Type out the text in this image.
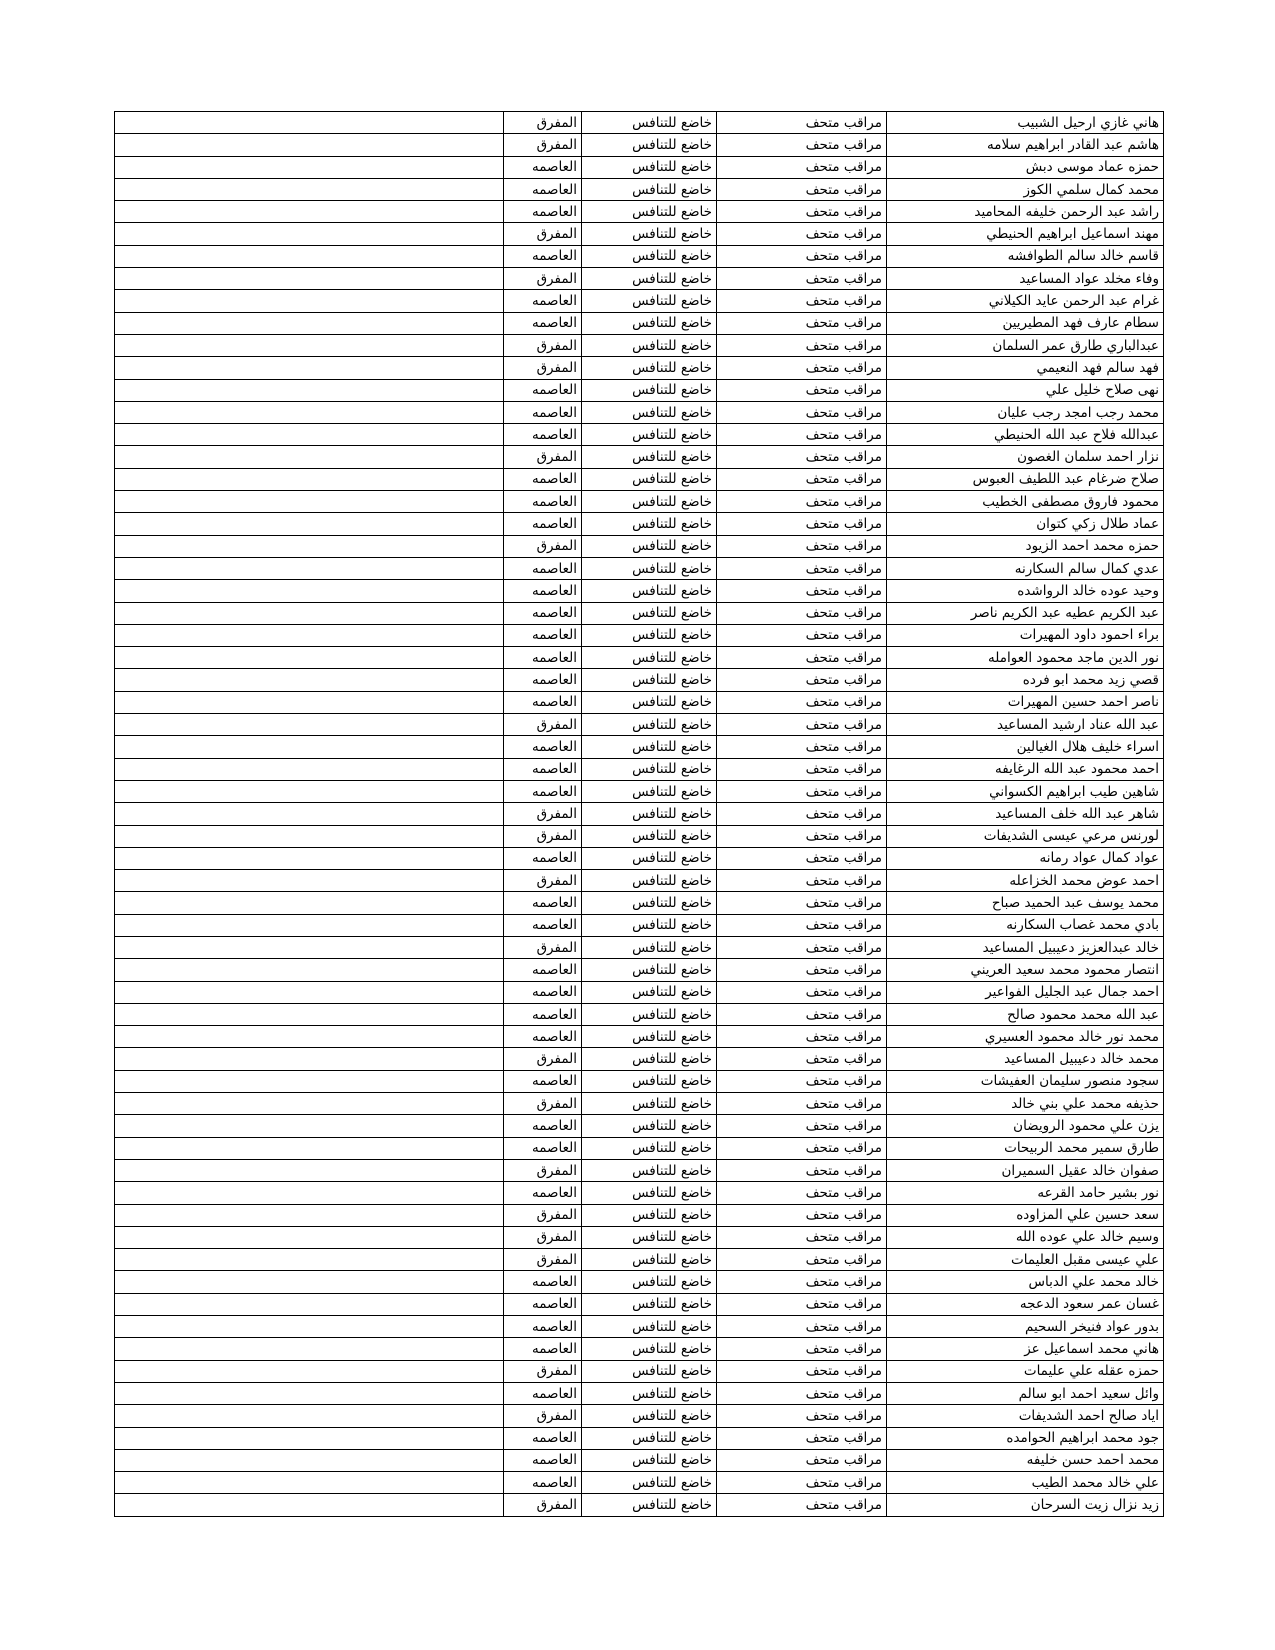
هاني غازي ارحيل الشبيب	مراقب متحف	خاضع للتنافس	المفرق	
هاشم عبد القادر ابراهيم سلامه	مراقب متحف	خاضع للتنافس	المفرق	
حمزه عماد موسى دبش	مراقب متحف	خاضع للتنافس	العاصمه	
محمد كمال سلمي الكوز	مراقب متحف	خاضع للتنافس	العاصمه	
راشد عبد الرحمن خليفه المحاميد	مراقب متحف	خاضع للتنافس	العاصمه	
مهند اسماعيل ابراهيم الحنيطي	مراقب متحف	خاضع للتنافس	المفرق	
قاسم خالد سالم الطوافشه	مراقب متحف	خاضع للتنافس	العاصمه	
وفاء مخلد عواد المساعيد	مراقب متحف	خاضع للتنافس	المفرق	
غرام عبد الرحمن عايد الكيلاني	مراقب متحف	خاضع للتنافس	العاصمه	
سطام عارف فهد المطيريين	مراقب متحف	خاضع للتنافس	العاصمه	
عبدالباري طارق عمر السلمان	مراقب متحف	خاضع للتنافس	المفرق	
فهد سالم فهد النعيمي	مراقب متحف	خاضع للتنافس	المفرق	
نهى صلاح خليل علي	مراقب متحف	خاضع للتنافس	العاصمه	
محمد رجب امجد رجب عليان	مراقب متحف	خاضع للتنافس	العاصمه	
عبدالله فلاح عبد الله الحنيطي	مراقب متحف	خاضع للتنافس	العاصمه	
نزار احمد سلمان الغصون	مراقب متحف	خاضع للتنافس	المفرق	
صلاح ضرغام عبد اللطيف العبوس	مراقب متحف	خاضع للتنافس	العاصمه	
محمود فاروق مصطفى الخطيب	مراقب متحف	خاضع للتنافس	العاصمه	
عماد طلال زكي كتوان	مراقب متحف	خاضع للتنافس	العاصمه	
حمزه محمد احمد الزيود	مراقب متحف	خاضع للتنافس	المفرق	
عدي كمال سالم السكارنه	مراقب متحف	خاضع للتنافس	العاصمه	
وحيد عوده خالد الرواشده	مراقب متحف	خاضع للتنافس	العاصمه	
عبد الكريم عطيه عبد الكريم ناصر	مراقب متحف	خاضع للتنافس	العاصمه	
براء احمود داود المهيرات	مراقب متحف	خاضع للتنافس	العاصمه	
نور الدين ماجد محمود العوامله	مراقب متحف	خاضع للتنافس	العاصمه	
قصي زيد محمد ابو فرده	مراقب متحف	خاضع للتنافس	العاصمه	
ناصر احمد حسين المهيرات	مراقب متحف	خاضع للتنافس	العاصمه	
عبد الله عناد ارشيد المساعيد	مراقب متحف	خاضع للتنافس	المفرق	
اسراء خليف هلال الغيالين	مراقب متحف	خاضع للتنافس	العاصمه	
احمد محمود عبد الله الرغايفه	مراقب متحف	خاضع للتنافس	العاصمه	
شاهين طيب ابراهيم الكسواني	مراقب متحف	خاضع للتنافس	العاصمه	
شاهر عبد الله خلف المساعيد	مراقب متحف	خاضع للتنافس	المفرق	
لورنس مرعي عيسى الشديفات	مراقب متحف	خاضع للتنافس	المفرق	
عواد كمال عواد رمانه	مراقب متحف	خاضع للتنافس	العاصمه	
احمد عوض محمد الخزاعله	مراقب متحف	خاضع للتنافس	المفرق	
محمد يوسف عبد الحميد صباح	مراقب متحف	خاضع للتنافس	العاصمه	
بادي محمد غصاب السكارنه	مراقب متحف	خاضع للتنافس	العاصمه	
خالد عبدالعزيز دعيبيل المساعيد	مراقب متحف	خاضع للتنافس	المفرق	
انتصار محمود محمد سعيد العريني	مراقب متحف	خاضع للتنافس	العاصمه	
احمد جمال عبد الجليل الفواعير	مراقب متحف	خاضع للتنافس	العاصمه	
عبد الله محمد محمود صالح	مراقب متحف	خاضع للتنافس	العاصمه	
محمد نور خالد محمود العسيري	مراقب متحف	خاضع للتنافس	العاصمه	
محمد خالد دعيبيل المساعيد	مراقب متحف	خاضع للتنافس	المفرق	
سجود منصور سليمان العفيشات	مراقب متحف	خاضع للتنافس	العاصمه	
حذيفه محمد علي بني خالد	مراقب متحف	خاضع للتنافس	المفرق	
يزن علي محمود الرويضان	مراقب متحف	خاضع للتنافس	العاصمه	
طارق سمير محمد الربيحات	مراقب متحف	خاضع للتنافس	العاصمه	
صفوان خالد عقيل السميران	مراقب متحف	خاضع للتنافس	المفرق	
نور بشير حامد القرعه	مراقب متحف	خاضع للتنافس	العاصمه	
سعد حسين علي المزاوده	مراقب متحف	خاضع للتنافس	المفرق	
وسيم خالد علي عوده الله	مراقب متحف	خاضع للتنافس	المفرق	
علي عيسى مقبل العليمات	مراقب متحف	خاضع للتنافس	المفرق	
خالد محمد علي الدباس	مراقب متحف	خاضع للتنافس	العاصمه	
غسان عمر سعود الدعجه	مراقب متحف	خاضع للتنافس	العاصمه	
بدور عواد فنيخر السحيم	مراقب متحف	خاضع للتنافس	العاصمه	
هاني محمد اسماعيل عز	مراقب متحف	خاضع للتنافس	العاصمه	
حمزه عقله علي عليمات	مراقب متحف	خاضع للتنافس	المفرق	
وائل سعيد احمد ابو سالم	مراقب متحف	خاضع للتنافس	العاصمه	
اياد صالح احمد الشديفات	مراقب متحف	خاضع للتنافس	المفرق	
جود محمد ابراهيم الحوامده	مراقب متحف	خاضع للتنافس	العاصمه	
محمد احمد حسن خليفه	مراقب متحف	خاضع للتنافس	العاصمه	
علي خالد محمد الطيب	مراقب متحف	خاضع للتنافس	العاصمه	
زيد نزال زيت السرحان	مراقب متحف	خاضع للتنافس	المفرق	
